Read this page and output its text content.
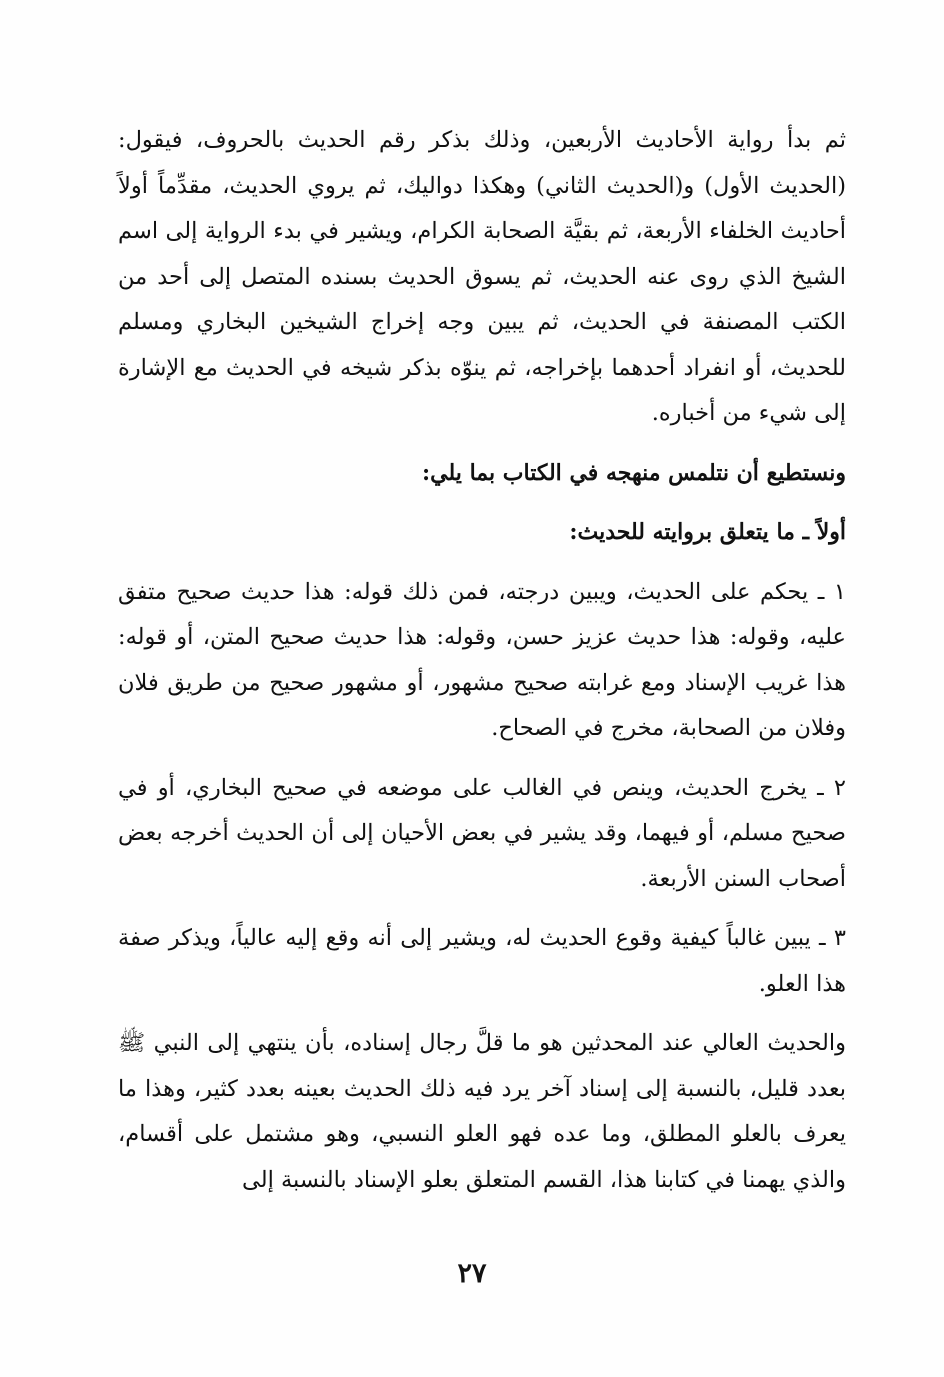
ثم بدأ رواية الأحاديث الأربعين، وذلك بذكر رقم الحديث بالحروف، فيقول: (الحديث الأول) و(الحديث الثاني) وهكذا دواليك، ثم يروي الحديث، مقدِّماً أولاً أحاديث الخلفاء الأربعة، ثم بقيَّة الصحابة الكرام، ويشير في بدء الرواية إلى اسم الشيخ الذي روى عنه الحديث، ثم يسوق الحديث بسنده المتصل إلى أحد من الكتب المصنفة في الحديث، ثم يبين وجه إخراج الشيخين البخاري ومسلم للحديث، أو انفراد أحدهما بإخراجه، ثم ينوّه بذكر شيخه في الحديث مع الإشارة إلى شيء من أخباره.

ونستطيع أن نتلمس منهجه في الكتاب بما يلي:

أولاً ـ ما يتعلق بروايته للحديث:

١ ـ يحكم على الحديث، ويبين درجته، فمن ذلك قوله: هذا حديث صحيح متفق عليه، وقوله: هذا حديث عزيز حسن، وقوله: هذا حديث صحيح المتن، أو قوله: هذا غريب الإسناد ومع غرابته صحيح مشهور، أو مشهور صحيح من طريق فلان وفلان من الصحابة، مخرج في الصحاح.

٢ ـ يخرج الحديث، وينص في الغالب على موضعه في صحيح البخاري، أو في صحيح مسلم، أو فيهما، وقد يشير في بعض الأحيان إلى أن الحديث أخرجه بعض أصحاب السنن الأربعة.

٣ ـ يبين غالباً كيفية وقوع الحديث له، ويشير إلى أنه وقع إليه عالياً، ويذكر صفة هذا العلو.

والحديث العالي عند المحدثين هو ما قلَّ رجال إسناده، بأن ينتهي إلى النبي ﷺ بعدد قليل، بالنسبة إلى إسناد آخر يرد فيه ذلك الحديث بعينه بعدد كثير، وهذا ما يعرف بالعلو المطلق، وما عده فهو العلو النسبي، وهو مشتمل على أقسام، والذي يهمنا في كتابنا هذا، القسم المتعلق بعلو الإسناد بالنسبة إلى

٢٧
